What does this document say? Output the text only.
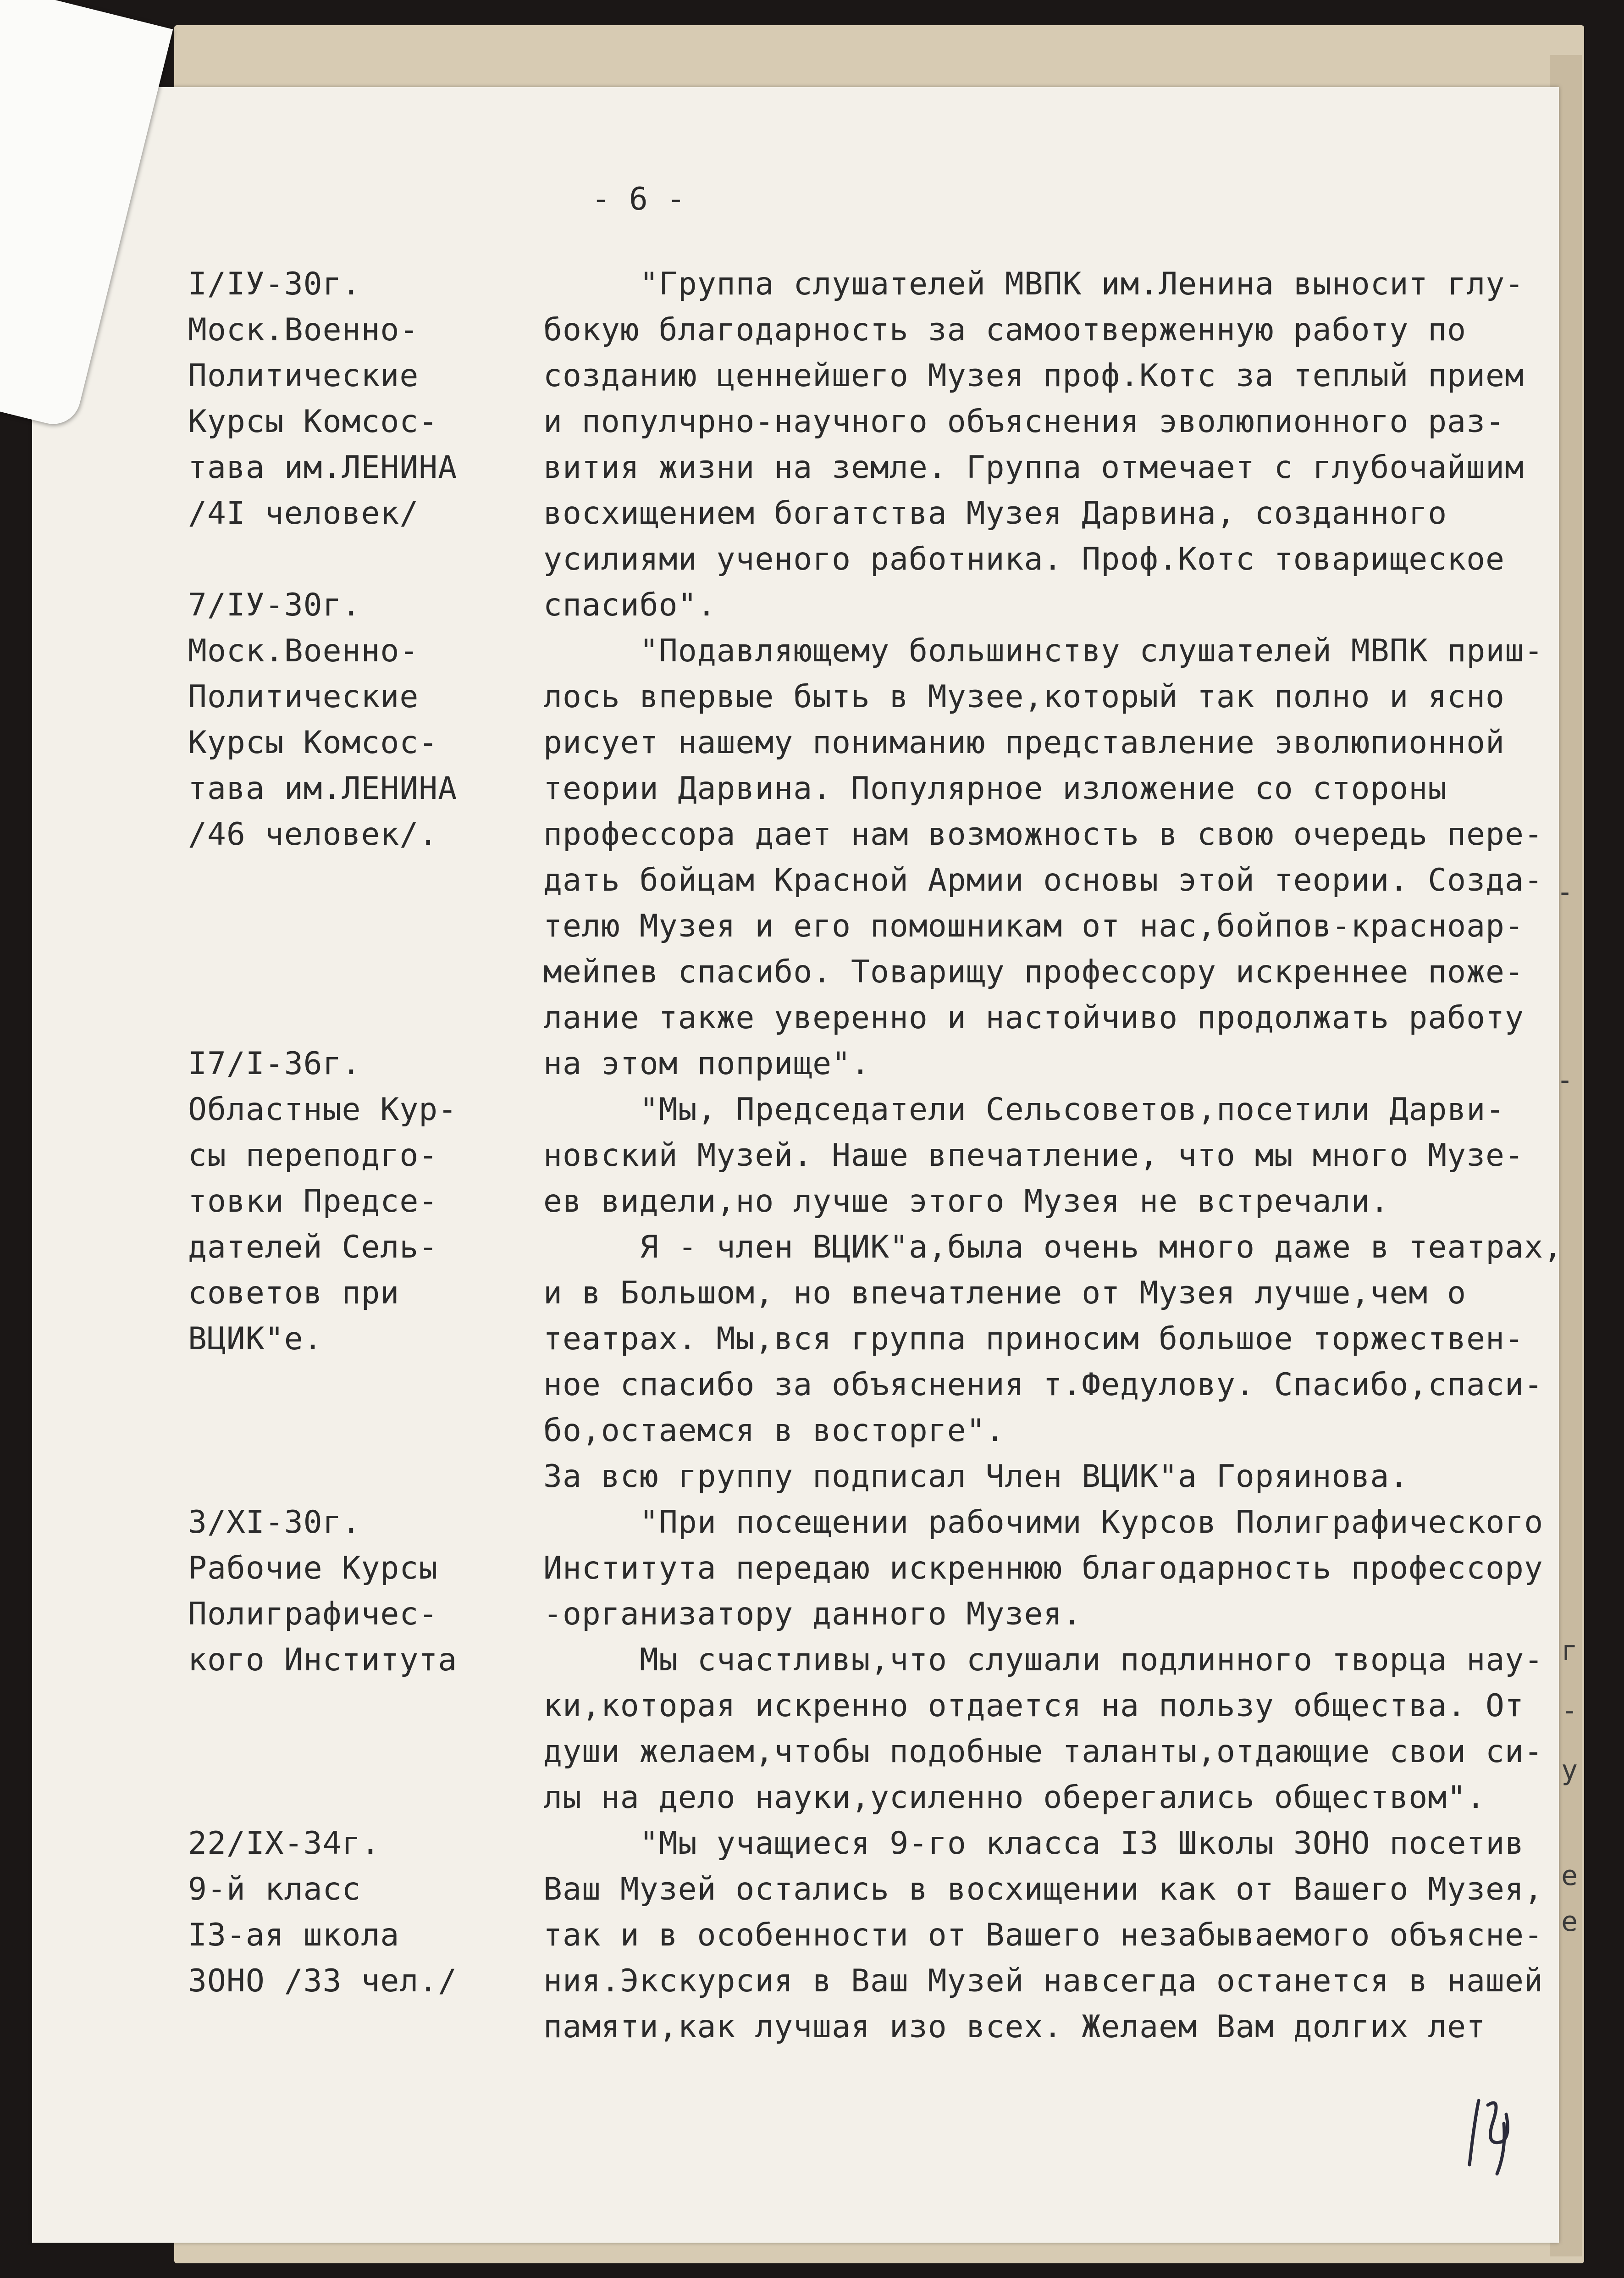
- 6 -
I/IУ-30г.
Моск.Военно-
Политические
Курсы Комсос-
тава им.ЛЕНИНА
/4I человек/
7/IУ-30г.
Моск.Военно-
Политические
Курсы Комсос-
тава им.ЛЕНИНА
/46 человек/.
I7/I-36г.
Областные Кур-
сы переподго-
товки Предсе-
дателей Сель-
советов при
ВЦИК"е.
3/XI-30г.
Рабочие Курсы
Полиграфичес-
кого Института
22/IX-34г.
9-й класс
I3-ая школа
ЗОНО /33 чел./
"Группа слушателей МВПК им.Ленина выносит глу-
бокую благодарность за самоотверженную работу по
созданию ценнейшего Музея проф.Котс за теплый прием
и популчрно-научного объяснения эволюпионного раз-
вития жизни на земле. Группа отмечает с глубочайшим
восхищением богатства Музея Дарвина, созданного
усилиями ученого работника. Проф.Котс товарищеское
спасибо".
"Подавляющему большинству слушателей МВПК приш-
лось впервые быть в Музее,который так полно и ясно
рисует нашему пониманию представление эволюпионной
теории Дарвина. Популярное изложение со стороны
профессора дает нам возможность в свою очередь пере-
дать бойцам Красной Армии основы этой теории. Созда-
телю Музея и его помошникам от нас,бойпов-красноар-
мейпев спасибо. Товарищу профессору искреннее поже-
лание также уверенно и настойчиво продолжать работу
на этом поприще".
"Мы, Председатели Сельсоветов,посетили Дарви-
новский Музей. Наше впечатление, что мы много Музе-
ев видели,но лучше этого Музея не встречали.
Я - член ВЦИК"а,была очень много даже в театрах,
и в Большом, но впечатление от Музея лучше,чем о
театрах. Мы,вся группа приносим большое торжествен-
ное спасибо за объяснения т.Федулову. Спасибо,спаси-
бо,остаемся в восторге".
За всю группу подписал Член ВЦИК"а Горяинова.
"При посещении рабочими Курсов Полиграфического
Института передаю искреннюю благодарность профессору
-организатору данного Музея.
Мы счастливы,что слушали подлинного творца нау-
ки,которая искренно отдается на пользу общества. От
души желаем,чтобы подобные таланты,отдающие свои си-
лы на дело науки,усиленно оберегались обществом".
"Мы учащиеся 9-го класса I3 Школы ЗОНО посетив
Ваш Музей остались в восхищении как от Вашего Музея,
так и в особенности от Вашего незабываемого объясне-
ния.Экскурсия в Ваш Музей навсегда останется в нашей
памяти,как лучшая изо всех. Желаем Вам долгих лет
-
-
г
-
у
е
е
